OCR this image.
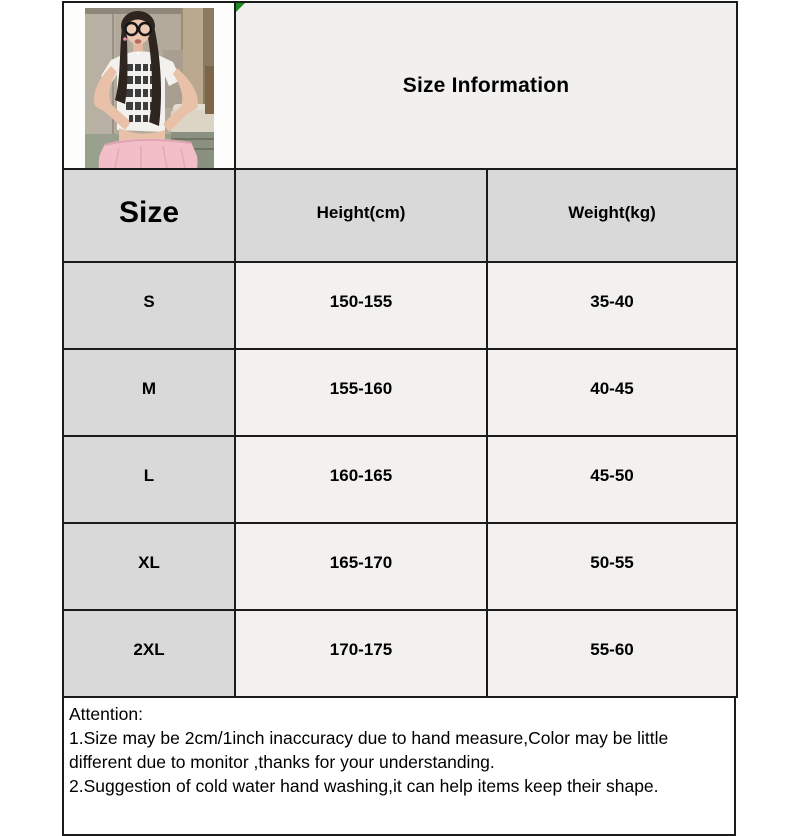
Size Information	

Size	Height(cm)	Weight(kg)
S	150-155	35-40
M	155-160	40-45
L	160-165	45-50
XL	165-170	50-55
2XL	170-175	55-60
Attention:
1.Size may be 2cm/1inch inaccuracy due to hand measure,Color may be little
different due to monitor ,thanks for your understanding.
2.Suggestion of cold water hand washing,it can help items keep their shape.
